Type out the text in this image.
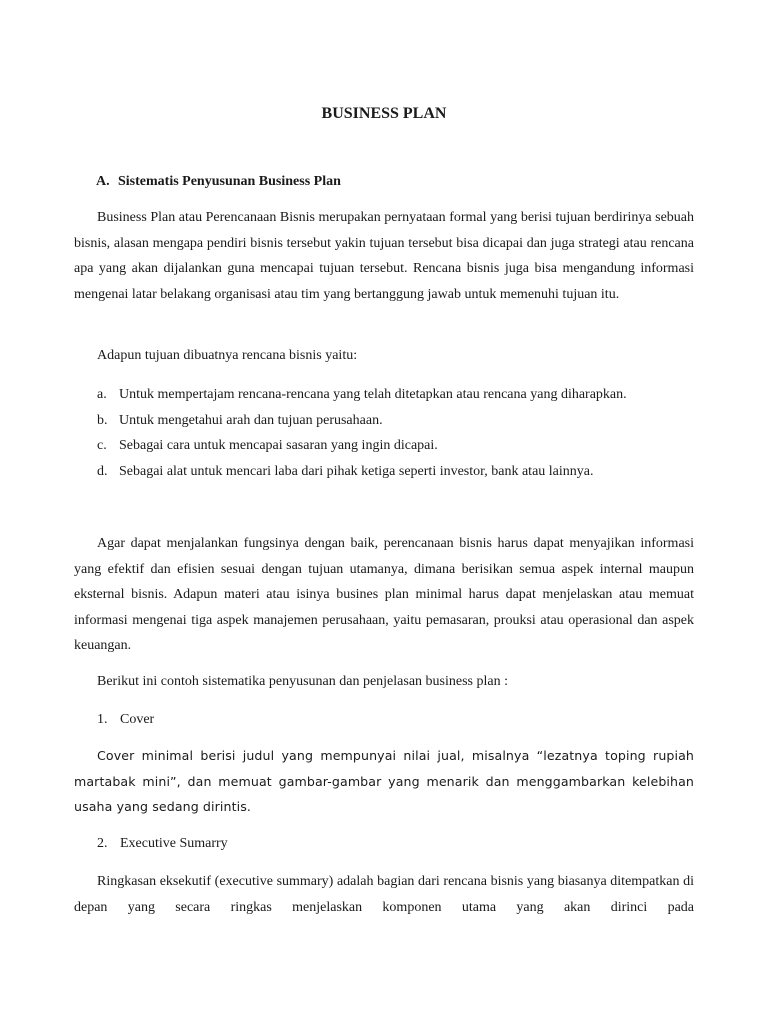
BUSINESS PLAN
A. Sistematis Penyusunan Business Plan

Business Plan atau Perencanaan Bisnis merupakan pernyataan formal yang berisi tujuan berdirinya sebuah bisnis, alasan mengapa pendiri bisnis tersebut yakin tujuan tersebut bisa dicapai dan juga strategi atau rencana apa yang akan dijalankan guna mencapai tujuan tersebut. Rencana bisnis juga bisa mengandung informasi mengenai latar belakang organisasi atau tim yang bertanggung jawab untuk memenuhi tujuan itu.

Adapun tujuan dibuatnya rencana bisnis yaitu:
a. Untuk mempertajam rencana-rencana yang telah ditetapkan atau rencana yang diharapkan.
b. Untuk mengetahui arah dan tujuan perusahaan.
c. Sebagai cara untuk mencapai sasaran yang ingin dicapai.
d. Sebagai alat untuk mencari laba dari pihak ketiga seperti investor, bank atau lainnya.

Agar dapat menjalankan fungsinya dengan baik, perencanaan bisnis harus dapat menyajikan informasi yang efektif dan efisien sesuai dengan tujuan utamanya, dimana berisikan semua aspek internal maupun eksternal bisnis. Adapun materi atau isinya busines plan minimal harus dapat menjelaskan atau memuat informasi mengenai tiga aspek manajemen perusahaan, yaitu pemasaran, prouksi atau operasional dan aspek keuangan.

Berikut ini contoh sistematika penyusunan dan penjelasan business plan :
1. Cover

Cover minimal berisi judul yang mempunyai nilai jual, misalnya “lezatnya toping rupiah martabak mini”, dan memuat gambar-gambar yang menarik dan menggambarkan kelebihan usaha yang sedang dirintis.

2. Executive Sumarry

Ringkasan eksekutif (executive summary) adalah bagian dari rencana bisnis yang biasanya ditempatkan di depan yang secara ringkas menjelaskan komponen utama yang akan dirinci pada
